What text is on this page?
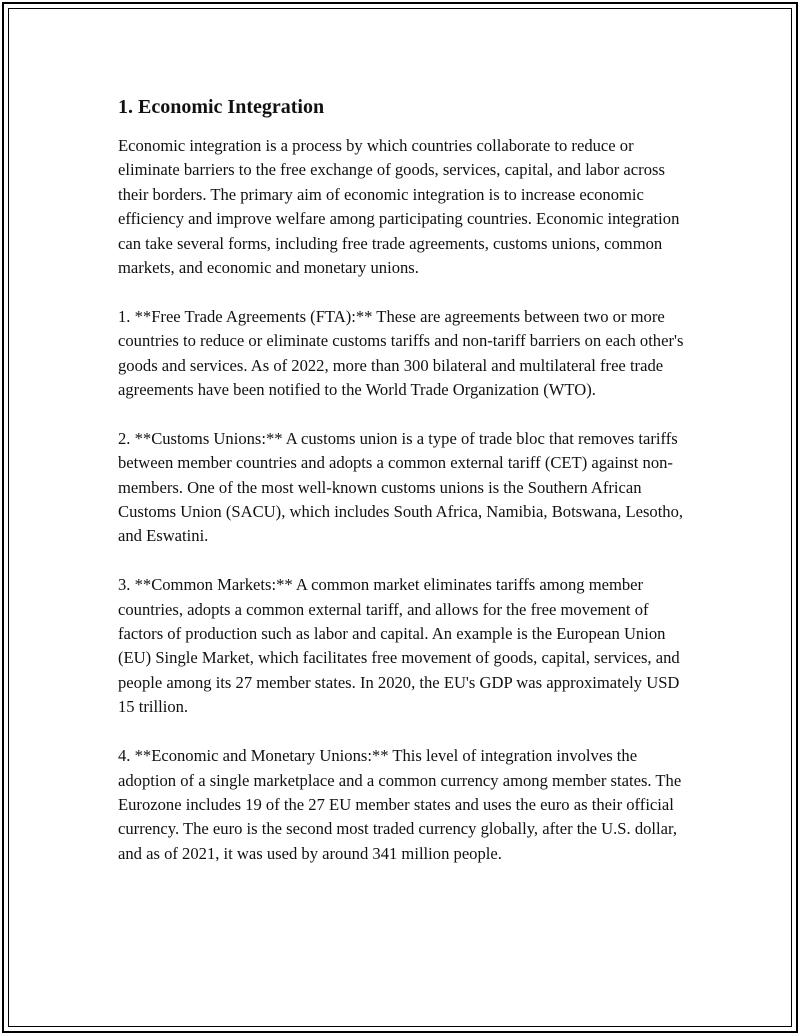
1. Economic Integration

Economic integration is a process by which countries collaborate to reduce or eliminate barriers to the free exchange of goods, services, capital, and labor across their borders. The primary aim of economic integration is to increase economic efficiency and improve welfare among participating countries. Economic integration can take several forms, including free trade agreements, customs unions, common markets, and economic and monetary unions.

1. **Free Trade Agreements (FTA):** These are agreements between two or more countries to reduce or eliminate customs tariffs and non-tariff barriers on each other's goods and services. As of 2022, more than 300 bilateral and multilateral free trade agreements have been notified to the World Trade Organization (WTO).

2. **Customs Unions:** A customs union is a type of trade bloc that removes tariffs between member countries and adopts a common external tariff (CET) against non-members. One of the most well-known customs unions is the Southern African Customs Union (SACU), which includes South Africa, Namibia, Botswana, Lesotho, and Eswatini.

3. **Common Markets:** A common market eliminates tariffs among member countries, adopts a common external tariff, and allows for the free movement of factors of production such as labor and capital. An example is the European Union (EU) Single Market, which facilitates free movement of goods, capital, services, and people among its 27 member states. In 2020, the EU's GDP was approximately USD 15 trillion.

4. **Economic and Monetary Unions:** This level of integration involves the adoption of a single marketplace and a common currency among member states. The Eurozone includes 19 of the 27 EU member states and uses the euro as their official currency. The euro is the second most traded currency globally, after the U.S. dollar, and as of 2021, it was used by around 341 million people.
